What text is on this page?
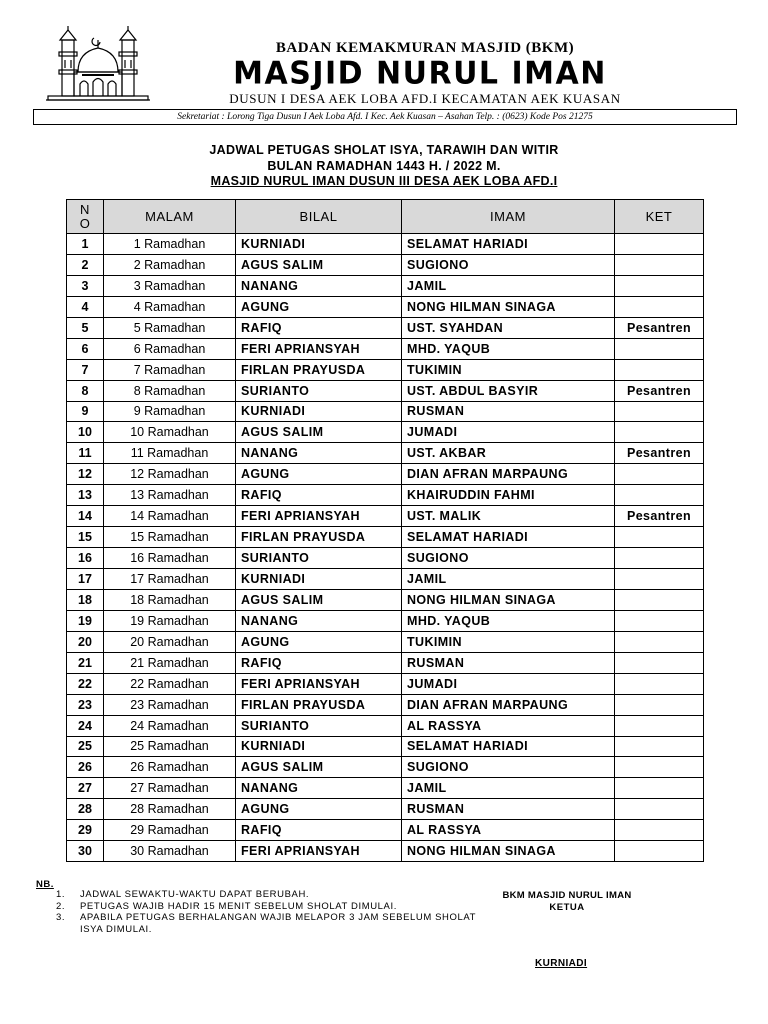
BADAN KEMAKMURAN MASJID (BKM)
MASJID NURUL IMAN
DUSUN I DESA AEK LOBA AFD.I KECAMATAN AEK KUASAN
Sekretariat : Lorong Tiga Dusun I Aek Loba Afd. I Kec. Aek Kuasan – Asahan Telp. : (0623) Kode Pos 21275
JADWAL PETUGAS SHOLAT ISYA, TARAWIH DAN WITIR
BULAN RAMADHAN 1443 H. / 2022 M.
MASJID NURUL IMAN DUSUN III DESA AEK LOBA AFD.I
N
O	MALAM	BILAL	IMAM	KET
1	1 Ramadhan	KURNIADI	SELAMAT HARIADI	
2	2 Ramadhan	AGUS SALIM	SUGIONO	
3	3 Ramadhan	NANANG	JAMIL	
4	4 Ramadhan	AGUNG	NONG HILMAN SINAGA	
5	5 Ramadhan	RAFIQ	UST. SYAHDAN	Pesantren
6	6 Ramadhan	FERI APRIANSYAH	MHD. YAQUB	
7	7 Ramadhan	FIRLAN PRAYUSDA	TUKIMIN	
8	8 Ramadhan	SURIANTO	UST. ABDUL BASYIR	Pesantren
9	9 Ramadhan	KURNIADI	RUSMAN	
10	10 Ramadhan	AGUS SALIM	JUMADI	
11	11 Ramadhan	NANANG	UST. AKBAR	Pesantren
12	12 Ramadhan	AGUNG	DIAN AFRAN MARPAUNG	
13	13 Ramadhan	RAFIQ	KHAIRUDDIN FAHMI	
14	14 Ramadhan	FERI APRIANSYAH	UST. MALIK	Pesantren
15	15 Ramadhan	FIRLAN PRAYUSDA	SELAMAT HARIADI	
16	16 Ramadhan	SURIANTO	SUGIONO	
17	17 Ramadhan	KURNIADI	JAMIL	
18	18 Ramadhan	AGUS SALIM	NONG HILMAN SINAGA	
19	19 Ramadhan	NANANG	MHD. YAQUB	
20	20 Ramadhan	AGUNG	TUKIMIN	
21	21 Ramadhan	RAFIQ	RUSMAN	
22	22 Ramadhan	FERI APRIANSYAH	JUMADI	
23	23 Ramadhan	FIRLAN PRAYUSDA	DIAN AFRAN MARPAUNG	
24	24 Ramadhan	SURIANTO	AL RASSYA	
25	25 Ramadhan	KURNIADI	SELAMAT HARIADI	
26	26 Ramadhan	AGUS SALIM	SUGIONO	
27	27 Ramadhan	NANANG	JAMIL	
28	28 Ramadhan	AGUNG	RUSMAN	
29	29 Ramadhan	RAFIQ	AL RASSYA	
30	30 Ramadhan	FERI APRIANSYAH	NONG HILMAN SINAGA	
NB.
1.	JADWAL SEWAKTU-WAKTU DAPAT BERUBAH.
2.	PETUGAS WAJIB HADIR 15 MENIT SEBELUM SHOLAT DIMULAI.
3.	APABILA PETUGAS BERHALANGAN WAJIB MELAPOR 3 JAM SEBELUM SHOLAT ISYA DIMULAI.
BKM MASJID NURUL IMAN
KETUA
KURNIADI
